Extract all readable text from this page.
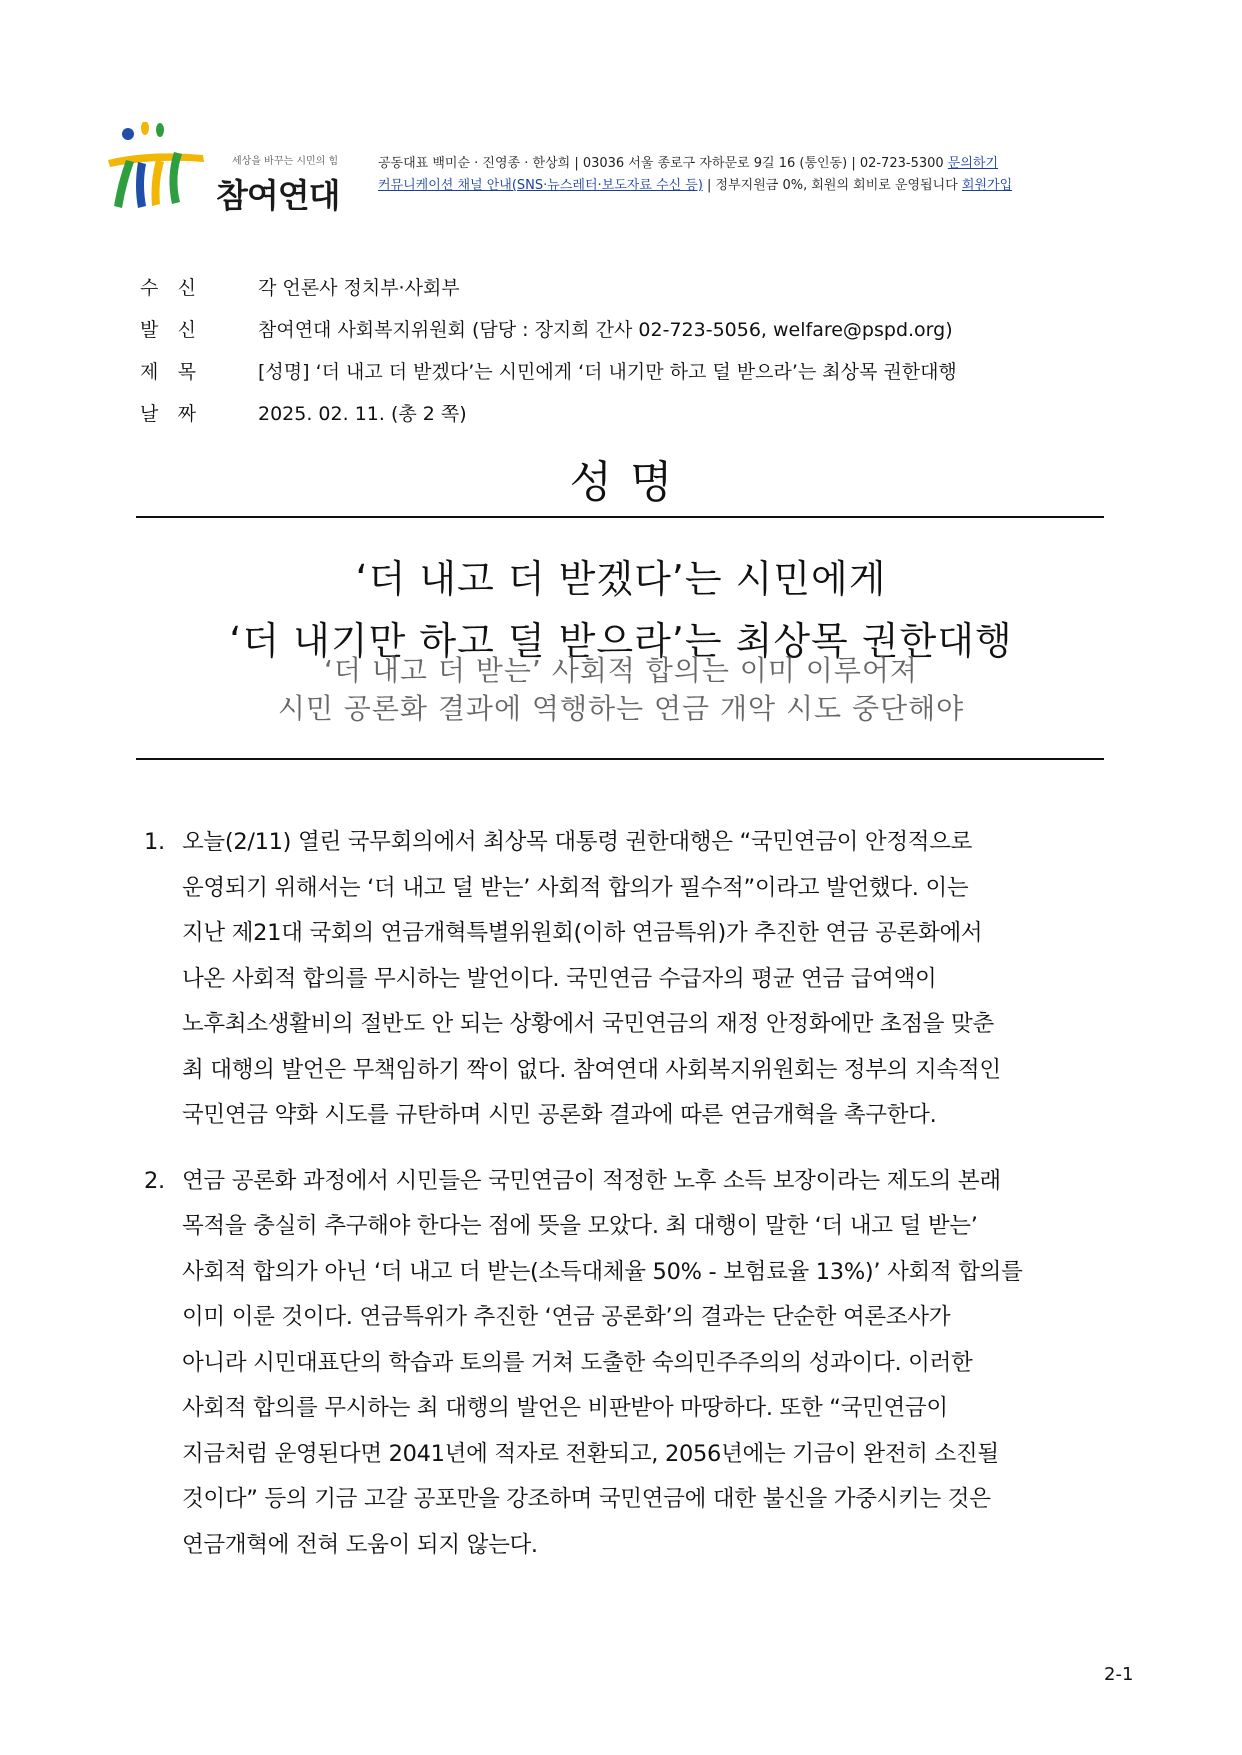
세상을 바꾸는 시민의 힘
참여연대
공동대표 백미순 · 진영종 · 한상희 | 03036 서울 종로구 자하문로 9길 16 (통인동) | 02-723-5300 문의하기
커뮤니케이션 채널 안내(SNS·뉴스레터·보도자료 수신 등) | 정부지원금 0%, 회원의 회비로 운영됩니다 회원가입
수 신	각 언론사 정치부·사회부
발 신	참여연대 사회복지위원회 (담당 : 장지희 간사 02-723-5056, welfare@pspd.org)
제 목	[성명] ‘더 내고 더 받겠다’는 시민에게 ‘더 내기만 하고 덜 받으라’는 최상목 권한대행
날 짜	2025. 02. 11. (총 2 쪽)
성명
‘더 내고 더 받겠다’는 시민에게
‘더 내기만 하고 덜 받으라’는 최상목 권한대행
‘더 내고 더 받는’ 사회적 합의는 이미 이루어져
시민 공론화 결과에 역행하는 연금 개악 시도 중단해야
1. 오늘(2/11) 열린 국무회의에서 최상목 대통령 권한대행은 “국민연금이 안정적으로
운영되기 위해서는 ‘더 내고 덜 받는’ 사회적 합의가 필수적”이라고 발언했다. 이는
지난 제21대 국회의 연금개혁특별위원회(이하 연금특위)가 추진한 연금 공론화에서
나온 사회적 합의를 무시하는 발언이다. 국민연금 수급자의 평균 연금 급여액이
노후최소생활비의 절반도 안 되는 상황에서 국민연금의 재정 안정화에만 초점을 맞춘
최 대행의 발언은 무책임하기 짝이 없다. 참여연대 사회복지위원회는 정부의 지속적인
국민연금 약화 시도를 규탄하며 시민 공론화 결과에 따른 연금개혁을 촉구한다.
2. 연금 공론화 과정에서 시민들은 국민연금이 적정한 노후 소득 보장이라는 제도의 본래
목적을 충실히 추구해야 한다는 점에 뜻을 모았다. 최 대행이 말한 ‘더 내고 덜 받는’
사회적 합의가 아닌 ‘더 내고 더 받는(소득대체율 50% - 보험료율 13%)’ 사회적 합의를
이미 이룬 것이다. 연금특위가 추진한 ‘연금 공론화’의 결과는 단순한 여론조사가
아니라 시민대표단의 학습과 토의를 거쳐 도출한 숙의민주주의의 성과이다. 이러한
사회적 합의를 무시하는 최 대행의 발언은 비판받아 마땅하다. 또한 “국민연금이
지금처럼 운영된다면 2041년에 적자로 전환되고, 2056년에는 기금이 완전히 소진될
것이다” 등의 기금 고갈 공포만을 강조하며 국민연금에 대한 불신을 가중시키는 것은
연금개혁에 전혀 도움이 되지 않는다.
2-1
